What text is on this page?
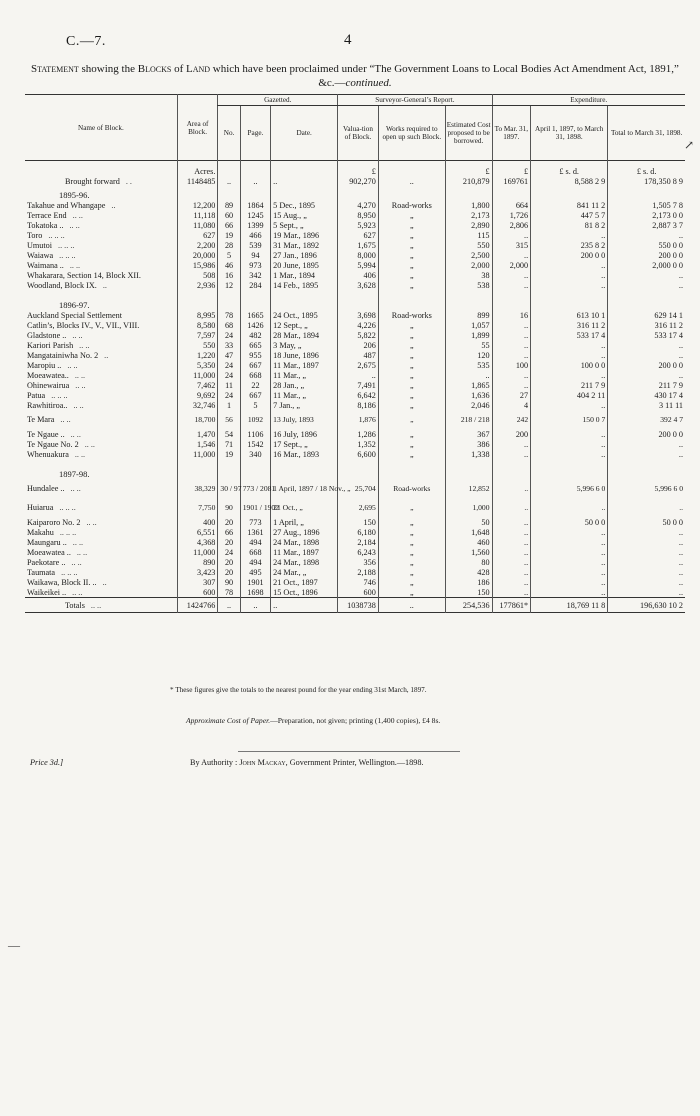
C.—7.	4
Statement showing the Blocks of Land which have been proclaimed under “The Government Loans to Local Bodies Act Amendment Act, 1891,” &c.—continued.
Name of Block.	Area of Block.	Gazetted.			Surveyor-General’s Report.			Expenditure.		
		No.	Page.	Date.	Valua-tion of Block.	Works required to open up such Block.	Estimated Cost proposed to be borrowed.	To Mar. 31, 1897.	April 1, 1897, to March 31, 1898.	Total to March 31, 1898.
	Acres.				£		£	£	£ s. d.	£ s. d.
Brought forward . .	1148485	..	..	..	902,270	..	210,879	169761	8,588 2 9	178,350 8 9
1895-96.										
Takahue and Whangape ..	12,200	89	1864	5 Dec., 1895	4,270	Road-works	1,800	664	841 11 2	1,505 7 8
Terrace End .. ..	11,118	60	1245	15 Aug., „	8,950	„	2,173	1,726	447 5 7	2,173 0 0
Tokatoka .. .. ..	11,080	66	1399	5 Sept., „	5,923	„	2,890	2,806	81 8 2	2,887 3 7
Toro .. .. ..	627	19	466	19 Mar., 1896	627	„	115	..	..	..
Umutoi .. .. ..	2,200	28	539	31 Mar., 1892	1,675	„	550	315	235 8 2	550 0 0
Waiawa .. .. ..	20,000	5	94	27 Jan., 1896	8,000	„	2,500	..	200 0 0	200 0 0
Waimana .. .. ..	15,986	46	973	20 June, 1895	5,994	„	2,000	2,000	..	2,000 0 0
Whakarara, Section 14, Block XII.	508	16	342	1 Mar., 1894	406	„	38	..	..	..
Woodland, Block IX. ..	2,936	12	284	14 Feb., 1895	3,628	„	538	..	..	..

1896-97.										
Auckland Special Settlement	8,995	78	1665	24 Oct., 1895	3,698	Road-works	899	16	613 10 1	629 14 1
Catlin’s, Blocks IV., V., VII., VIII.	8,580	68	1426	12 Sept., „	4,226	„	1,057	..	316 11 2	316 11 2
Gladstone .. .. ..	7,597	24	482	28 Mar., 1894	5,822	„	1,899	..	533 17 4	533 17 4
Kariori Parish .. ..	550	33	665	3 May, „	206	„	55	..	..	..
Mangatainiwha No. 2 ..	1,220	47	955	18 June, 1896	487	„	120	..	..	..
Maropiu .. .. ..	5,350	24	667	11 Mar., 1897	2,675	„	535	100	100 0 0	200 0 0
Moeawatea.. .. ..	11,000	24	668	11 Mar., „	..	„	..	..	..	..
Ohinewairua .. ..	7,462	11	22	28 Jan., „	7,491	„	1,865	..	211 7 9	211 7 9
Patua .. .. ..	9,692	24	667	11 Mar., „	6,642	„	1,636	27	404 2 11	430 17 4
Rawhitiroa.. .. ..	32,746	1	5	7 Jan., „	8,186	„	2,046	4	..	3 11 11
Te Mara .. ..	18,700	56	1092	13 July, 1893	1,876	„	218 / 218	242	150 0 7	392 4 7
Te Ngaue .. .. ..	1,470	54	1106	16 July, 1896	1,286	„	367	200	..	200 0 0
Te Ngaue No. 2 .. ..	1,546	71	1542	17 Sept., „	1,352	„	386	..	..	..
Whenuakura .. ..	11,000	19	340	16 Mar., 1893	6,600	„	1,338	..	..	..

1897-98.										
Hundalee .. .. ..	38,329	30 / 97	773 / 2081	1 April, 1897 / 18 Nov., „	25,704	Road-works	12,852	..	5,996 6 0	5,996 6 0
Huiarua .. .. ..	7,750	90	1901 / 1902	21 Oct., „	2,695	„	1,000	..	..	..
Kaiparoro No. 2 .. ..	400	20	773	1 April, „	150	„	50	..	50 0 0	50 0 0
Makahu .. .. ..	6,551	66	1361	27 Aug., 1896	6,180	„	1,648	..	..	..
Maungaru .. .. ..	4,368	20	494	24 Mar., 1898	2,184	„	460	..	..	..
Moeawatea .. .. ..	11,000	24	668	11 Mar., 1897	6,243	„	1,560	..	..	..
Paekotare .. .. ..	890	20	494	24 Mar., 1898	356	„	80	..	..	..
Taumata .. .. ..	3,423	20	495	24 Mar., „	2,188	„	428	..	..	..
Waikawa, Block II. .. ..	307	90	1901	21 Oct., 1897	746	„	186	..	..	..
Waikeikei .. .. ..	600	78	1698	15 Oct., 1896	600	„	150	..	..	..
Totals .. ..	1424766	..	..	..	1038738	..	254,536	177861*	18,769 11 8	196,630 10 2
* These figures give the totals to the nearest pound for the year ending 31st March, 1897.
Approximate Cost of Paper.—Preparation, not given; printing (1,400 copies), £4 8s.
Price 3d.]	By Authority : John Mackay, Government Printer, Wellington.—1898.
↗
—
